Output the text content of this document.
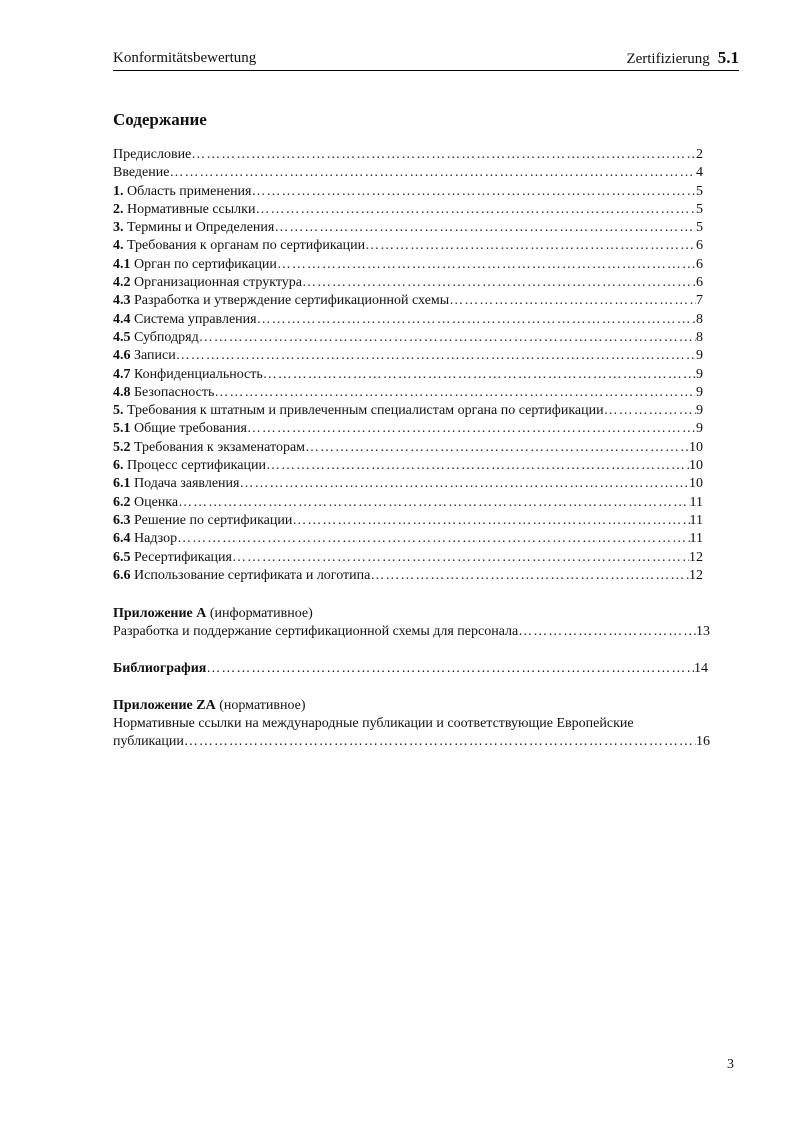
Konformitätsbewertung	Zertifizierung 5.1
Содержание
Предисловие ………………………………………………………………………………………………………………………………………………………………………………………………………………	2
Введение ………………………………………………………………………………………………………………………………………………………………………………………………………………	4
1. Область применения ………………………………………………………………………………………………………………………………………………………………………………………………………………	5
2. Нормативные ссылки ………………………………………………………………………………………………………………………………………………………………………………………………………………	5
3. Термины и Определения ………………………………………………………………………………………………………………………………………………………………………………………………………………	5
4. Требования к органам по сертификации ………………………………………………………………………………………………………………………………………………………………………………………………………………	6
4.1 Орган по сертификации ………………………………………………………………………………………………………………………………………………………………………………………………………………	6
4.2 Организационная структура ………………………………………………………………………………………………………………………………………………………………………………………………………………	6
4.3 Разработка и утверждение сертификационной схемы ………………………………………………………………………………………………………………………………………………………………………………………………………………	7
4.4 Система управления ………………………………………………………………………………………………………………………………………………………………………………………………………………	8
4.5 Субподряд ………………………………………………………………………………………………………………………………………………………………………………………………………………	8
4.6 Записи ………………………………………………………………………………………………………………………………………………………………………………………………………………	9
4.7 Конфиденциальность ………………………………………………………………………………………………………………………………………………………………………………………………………………	9
4.8 Безопасность ………………………………………………………………………………………………………………………………………………………………………………………………………………	9
5. Требования к штатным и привлеченным специалистам органа по сертификации ………………………………………………………………………………………………………………………………………………………………………………………………………………	9
5.1 Общие требования ………………………………………………………………………………………………………………………………………………………………………………………………………………	9
5.2 Требования к экзаменаторам ………………………………………………………………………………………………………………………………………………………………………………………………………………	10
6. Процесс сертификации ………………………………………………………………………………………………………………………………………………………………………………………………………………	10
6.1 Подача заявления ………………………………………………………………………………………………………………………………………………………………………………………………………………	10
6.2 Оценка ………………………………………………………………………………………………………………………………………………………………………………………………………………	11
6.3 Решение по сертификации ………………………………………………………………………………………………………………………………………………………………………………………………………………	11
6.4 Надзор ………………………………………………………………………………………………………………………………………………………………………………………………………………	11
6.5 Ресертификация ………………………………………………………………………………………………………………………………………………………………………………………………………………	12
6.6 Использование сертификата и логотипа ………………………………………………………………………………………………………………………………………………………………………………………………………………	12
Приложение A (информативное)
Разработка и поддержание сертификационной схемы для персонала ………………………………………………………………………………………………………………………………………………………………………………………………………………	13
Библиография ………………………………………………………………………………………………………………………………………………………………………………………………………………	14
Приложение ZA (нормативное)
Нормативные ссылки на международные публикации и соответствующие Европейские
публикации ………………………………………………………………………………………………………………………………………………………………………………………………………………	16
3
